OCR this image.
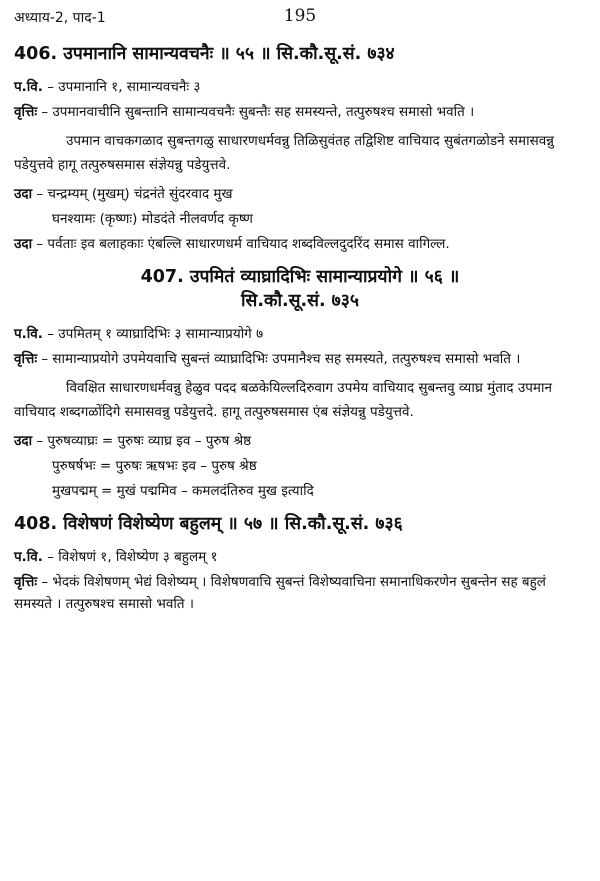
अध्याय-2, पाद-1	195
406. उपमानानि सामान्यवचनैः ॥ ५५ ॥ सि.कौ.सू.सं. ७३४
प.वि. – उपमानानि १, सामान्यवचनैः ३
वृत्तिः – उपमानवाचीनि सुबन्तानि सामान्यवचनैः सुबन्तैः सह समस्यन्ते, तत्पुरुषश्च समासो भवति ।
उपमान वाचकगळाद सुबन्तगळु साधारणधर्मवन्नु तिळिसुवंतह तद्विशिष्ट वाचियाद सुबंतगळोडने समासवन्नु पडेयुत्तवे हागू तत्पुरुषसमास संज्ञेयन्नु पडेयुत्तवे.
उदा – चन्द्रम्यम् (मुखम्) चंद्रनंते सुंदरवाद मुख
घनश्यामः (कृष्णः) मोडदंते नीलवर्णद कृष्ण
उदा – पर्वताः इव बलाहकाः एंबल्लि साधारणधर्म वाचियाद शब्दविल्लदुदरिंद समास वागिल्ल.
407. उपमितं व्याघ्रादिभिः सामान्याप्रयोगे ॥ ५६ ॥
सि.कौ.सू.सं. ७३५
प.वि. – उपमितम् १ व्याघ्रादिभिः ३ सामान्याप्रयोगे ७
वृत्तिः – सामान्याप्रयोगे उपमेयवाचि सुबन्तं व्याघ्रादिभिः उपमानैश्च सह समस्यते, तत्पुरुषश्च समासो भवति ।
विवक्षित साधारणधर्मवन्नु हेळुव पदद बळकेयिल्लदिरुवाग उपमेय वाचियाद सुबन्तवु व्याघ्र मुंताद उपमान वाचियाद शब्दगळोंदिगे समासवन्नु पडेयुत्तदे. हागू तत्पुरुषसमास एंब संज्ञेयन्नु पडेयुत्तवे.
उदा – पुरुषव्याघ्रः = पुरुषः व्याघ्र इव – पुरुष श्रेष्ठ
पुरुषर्षभः = पुरुषः ऋषभः इव – पुरुष श्रेष्ठ
मुखपद्मम् = मुखं पद्ममिव – कमलदंतिरुव मुख इत्यादि
408. विशेषणं विशेष्येण बहुलम् ॥ ५७ ॥ सि.कौ.सू.सं. ७३६
प.वि. – विशेषणं १, विशेष्येण ३ बहुलम् १
वृत्तिः – भेदकं विशेषणम् भेद्यं विशेष्यम् । विशेषणवाचि सुबन्तं विशेष्यवाचिना समानाधिकरणेन सुबन्तेन सह बहुलं समस्यते । तत्पुरुषश्च समासो भवति ।
